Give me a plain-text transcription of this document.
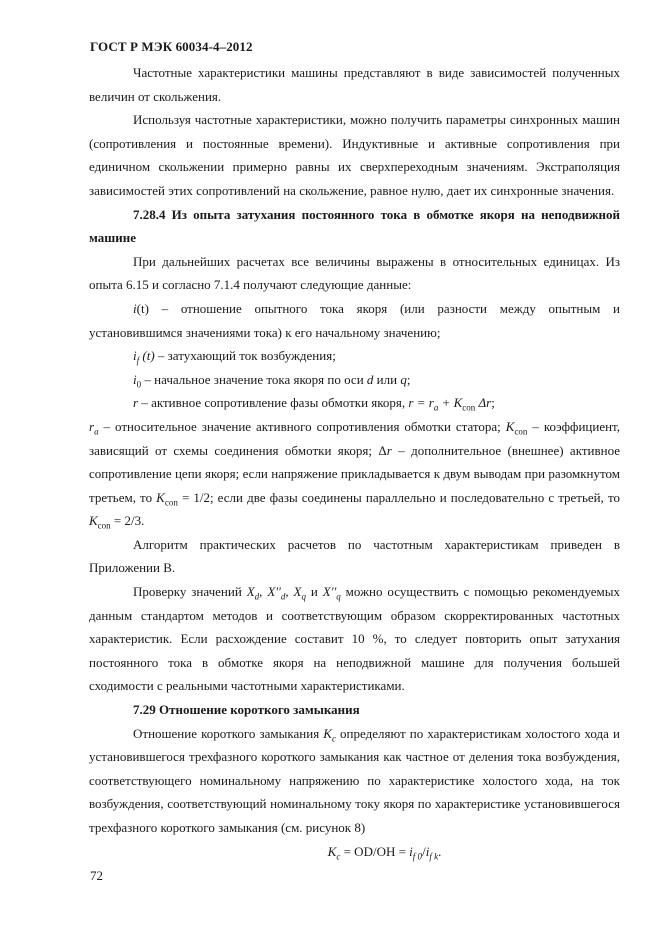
ГОСТ Р МЭК 60034-4–2012

Частотные характеристики машины представляют в виде зависимостей полученных величин от скольжения.

Используя частотные характеристики, можно получить параметры синхронных машин (сопротивления и постоянные времени). Индуктивные и активные сопротивления при единичном скольжении примерно равны их сверхпереходным значениям. Экстраполяция зависимостей этих сопротивлений на скольжение, равное нулю, дает их синхронные значения.

7.28.4 Из опыта затухания постоянного тока в обмотке якоря на неподвижной машине

При дальнейших расчетах все величины выражены в относительных единицах. Из опыта 6.15 и согласно 7.1.4 получают следующие данные:

i(t) – отношение опытного тока якоря (или разности между опытным и установившимся значениями тока) к его начальному значению;

$i_f$ (t) – затухающий ток возбуждения;

$i_0$ – начальное значение тока якоря по оси d или q;

r – активное сопротивление фазы обмотки якоря, $r = r_a + K_{con}$ Δr;

$r_a$ – относительное значение активного сопротивления обмотки статора; $K_{con}$ – коэффициент, зависящий от схемы соединения обмотки якоря; Δr – дополнительное (внешнее) активное сопротивление цепи якоря; если напряжение прикладывается к двум выводам при разомкнутом третьем, то $K_{con} = 1/2$; если две фазы соединены параллельно и последовательно с третьей, то $K_{con} = 2/3$.

Алгоритм практических расчетов по частотным характеристикам приведен в Приложении В.

Проверку значений $X_d$, $X''_d$, $X_q$ и $X''_q$ можно осуществить с помощью рекомендуемых данным стандартом методов и соответствующим образом скорректированных частотных характеристик. Если расхождение составит 10 %, то следует повторить опыт затухания постоянного тока в обмотке якоря на неподвижной машине для получения большей сходимости с реальными частотными характеристиками.

7.29 Отношение короткого замыкания

Отношение короткого замыкания $K_c$ определяют по характеристикам холостого хода и установившегося трехфазного короткого замыкания как частное от деления тока возбуждения, соответствующего номинальному напряжению по характеристике холостого хода, на ток возбуждения, соответствующий номинальному току якоря по характеристике установившегося трехфазного короткого замыкания (см. рисунок 8)

$K_c = OD/OH = i_{f 0}/i_{f k}$.

72
